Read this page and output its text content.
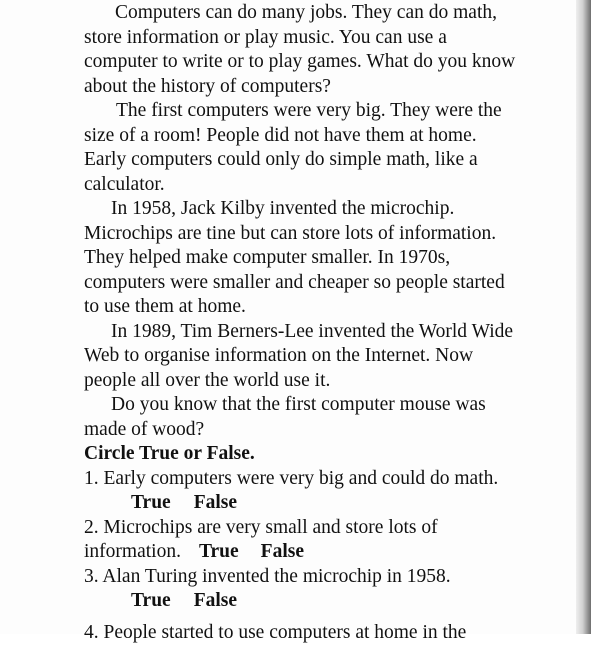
Computers can do many jobs. They can do math,
store information or play music. You can use a
computer to write or to play games. What do you know
about the history of computers?
The first computers were very big. They were the
size of a room! People did not have them at home.
Early computers could only do simple math, like a
calculator.
In 1958, Jack Kilby invented the microchip.
Microchips are tine but can store lots of information.
They helped make computer smaller. In 1970s,
computers were smaller and cheaper so people started
to use them at home.
In 1989, Tim Berners-Lee invented the World Wide
Web to organise information on the Internet. Now
people all over the world use it.
Do you know that the first computer mouse was
made of wood?
Circle True or False.
1. Early computers were very big and could do math.
True False
2. Microchips are very small and store lots of
information. True False
3. Alan Turing invented the microchip in 1958.
True False
4. People started to use computers at home in the
